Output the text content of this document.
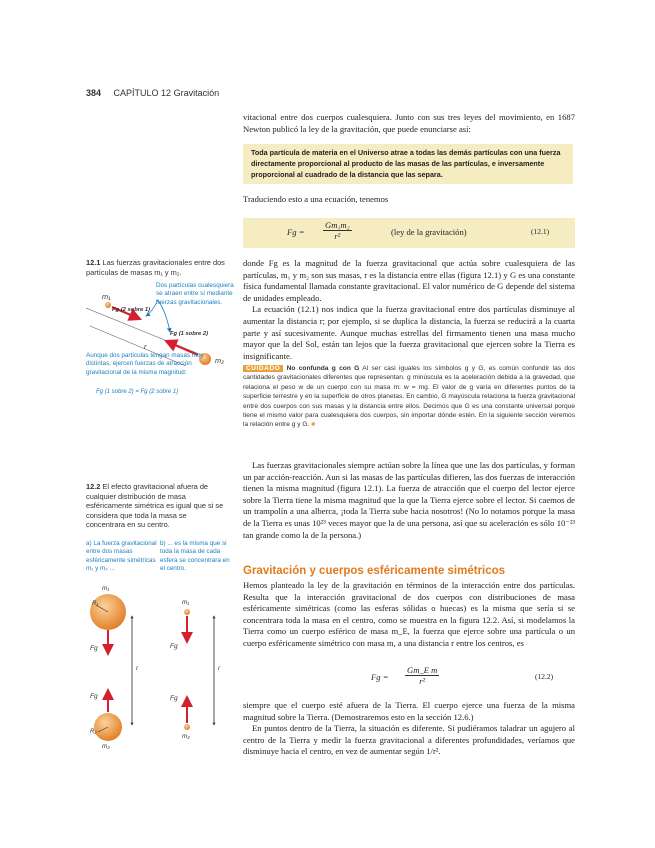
384 CAPÍTULO 12 Gravitación

vitacional entre dos cuerpos cualesquiera. Junto con sus tres leyes del movimiento, en 1687 Newton publicó la ley de la gravitación, que puede enunciarse así:

Toda partícula de materia en el Universo atrae a todas las demás partículas con una fuerza directamente proporcional al producto de las masas de las partículas, e inversamente proporcional al cuadrado de la distancia que las separa.

Traduciendo esto a una ecuación, tenemos

$Fg = \frac{\text{Gm₁m₂}}{\text{r²}}$	(ley de la gravitación)	(12.1)

donde Fg es la magnitud de la fuerza gravitacional que actúa sobre cualesquiera de las partículas, m₁ y m₂ son sus masas, r es la distancia entre ellas (figura 12.1) y G es una constante física fundamental llamada constante gravitacional. El valor numérico de G depende del sistema de unidades empleado.

La ecuación (12.1) nos indica que la fuerza gravitacional entre dos partículas disminuye al aumentar la distancia r; por ejemplo, si se duplica la distancia, la fuerza se reducirá a la cuarta parte y así sucesivamente. Aunque muchas estrellas del firmamento tienen una masa mucho mayor que la del Sol, están tan lejos que la fuerza gravitacional que ejercen sobre la Tierra es insignificante.

CUIDADO No confunda g con G Al ser casi iguales los símbolos g y G, es común confundir las dos cantidades gravitacionales diferentes que representan. g minúscula es la aceleración debida a la gravedad, que relaciona el peso w de un cuerpo con su masa m: w = mg. El valor de g varía en diferentes puntos de la superficie terrestre y en la superficie de otros planetas. En cambio, G mayúscula relaciona la fuerza gravitacional entre dos cuerpos con sus masas y la distancia entre ellos. Decimos que G es una constante universal porque tiene el mismo valor para cualesquiera dos cuerpos, sin importar dónde estén. En la siguiente sección veremos la relación entre g y G. ■

Las fuerzas gravitacionales siempre actúan sobre la línea que une las dos partículas, y forman un par acción-reacción. Aun si las masas de las partículas difieren, las dos fuerzas de interacción tienen la misma magnitud (figura 12.1). La fuerza de atracción que el cuerpo del lector ejerce sobre la Tierra tiene la misma magnitud que la que la Tierra ejerce sobre el lector. Si caemos de un trampolín a una alberca, ¡toda la Tierra sube hacia nosotros! (No lo notamos porque la masa de la Tierra es unas 10²³ veces mayor que la de una persona, así que su aceleración es sólo 10⁻²³ tan grande como la de la persona.)

Gravitación y cuerpos esféricamente simétricos

Hemos planteado la ley de la gravitación en términos de la interacción entre dos partículas. Resulta que la interacción gravitacional de dos cuerpos con distribuciones de masa esféricamente simétricas (como las esferas sólidas o huecas) es la misma que sería si se concentrara toda la masa en el centro, como se muestra en la figura 12.2. Así, si modelamos la Tierra como un cuerpo esférico de masa m_E, la fuerza que ejerce sobre una partícula o un cuerpo esféricamente simétrico con masa m, a una distancia r entre los centros, es

$Fg = \frac{\text{Gm\_E m}}{\text{r²}}$	(12.2)

siempre que el cuerpo esté afuera de la Tierra. El cuerpo ejerce una fuerza de la misma magnitud sobre la Tierra. (Demostraremos esto en la sección 12.6.)

En puntos dentro de la Tierra, la situación es diferente. Si pudiéramos taladrar un agujero al centro de la Tierra y medir la fuerza gravitacional a diferentes profundidades, veríamos que disminuye hacia el centro, en vez de aumentar según 1/r².

12.1 Las fuerzas gravitacionales entre dos partículas de masas m₁ y m₂.
m₁
m₂
r
Fg (2 sobre 1)
Fg (1 sobre 2)
Dos partículas cualesquiera se atraen entre sí mediante fuerzas gravitacionales.
Aunque dos partículas tengan masas muy distintas, ejercen fuerzas de atracción gravitacional de la misma magnitud:
Fg (1 sobre 2) = Fg (2 sobre 1)
12.2 El efecto gravitacional afuera de cualquier distribución de masa esféricamente simétrica es igual que si se considera que toda la masa se concentrara en su centro.
a) La fuerza gravitacional entre dos masas esféricamente simétricas m₁ y m₂ ...
b) ... es la misma que si toda la masa de cada esfera se concentrara en el centro.
m₁
R₁
Fg
r
Fg
R₂
m₂
m₁
Fg
r
Fg
m₂
